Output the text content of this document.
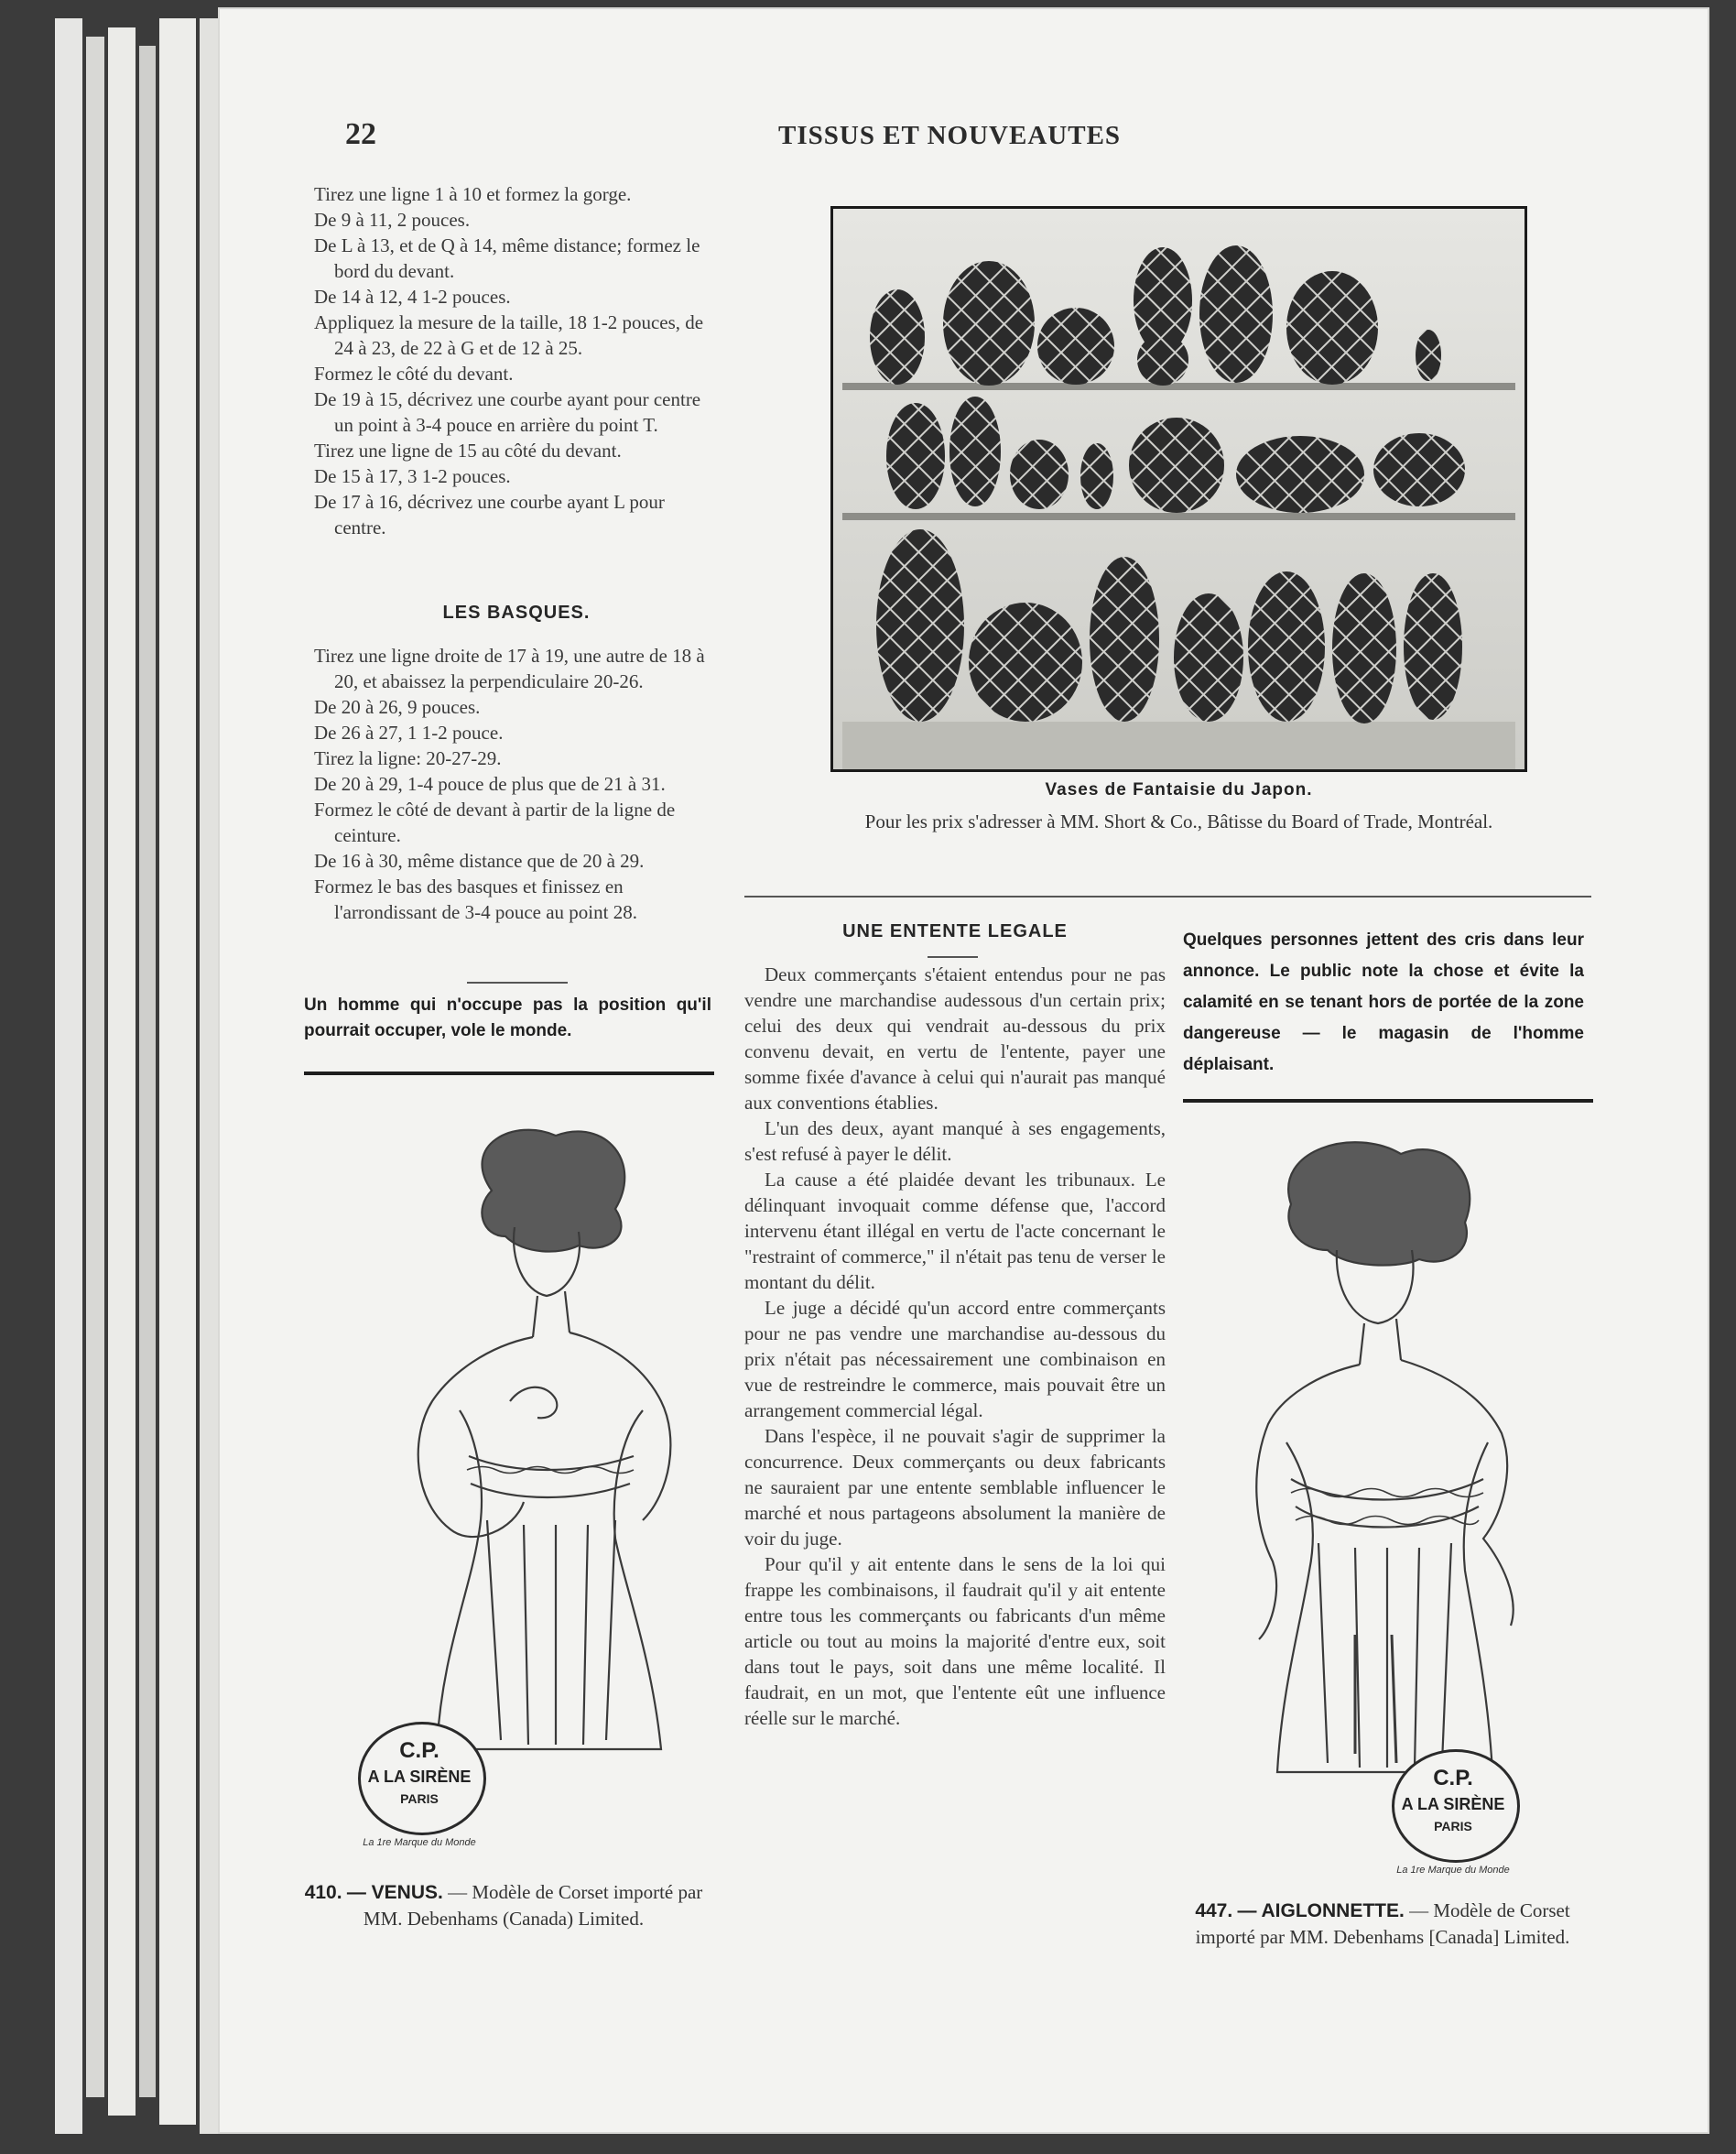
22	TISSUS ET NOUVEAUTES

Tirez une ligne 1 à 10 et formez la gorge.

De 9 à 11, 2 pouces.

De L à 13, et de Q à 14, même distance; formez le bord du devant.

De 14 à 12, 4 1-2 pouces.

Appliquez la mesure de la taille, 18 1-2 pouces, de 24 à 23, de 22 à G et de 12 à 25.

Formez le côté du devant.

De 19 à 15, décrivez une courbe ayant pour centre un point à 3-4 pouce en arrière du point T.

Tirez une ligne de 15 au côté du devant.

De 15 à 17, 3 1-2 pouces.

De 17 à 16, décrivez une courbe ayant L pour centre.

LES BASQUES.

Tirez une ligne droite de 17 à 19, une autre de 18 à 20, et abaissez la perpendiculaire 20-26.

De 20 à 26, 9 pouces.

De 26 à 27, 1 1-2 pouce.

Tirez la ligne: 20-27-29.

De 20 à 29, 1-4 pouce de plus que de 21 à 31.

Formez le côté de devant à partir de la ligne de ceinture.

De 16 à 30, même distance que de 20 à 29.

Formez le bas des basques et finissez en l'arrondissant de 3-4 pouce au point 28.

Un homme qui n'occupe pas la position qu'il pourrait occuper, vole le monde.
Vases de Fantaisie du Japon.
Pour les prix s'adresser à MM. Short & Co., Bâtisse du Board of Trade, Montréal.
UNE ENTENTE LEGALE

Deux commerçants s'étaient entendus pour ne pas vendre une marchandise audessous d'un certain prix; celui des deux qui vendrait au-dessous du prix convenu devait, en vertu de l'entente, payer une somme fixée d'avance à celui qui n'aurait pas manqué aux conventions établies.

L'un des deux, ayant manqué à ses engagements, s'est refusé à payer le délit.

La cause a été plaidée devant les tribunaux. Le délinquant invoquait comme défense que, l'accord intervenu étant illégal en vertu de l'acte concernant le "restraint of commerce," il n'était pas tenu de verser le montant du délit.

Le juge a décidé qu'un accord entre commerçants pour ne pas vendre une marchandise au-dessous du prix n'était pas nécessairement une combinaison en vue de restreindre le commerce, mais pouvait être un arrangement commercial légal.

Dans l'espèce, il ne pouvait s'agir de supprimer la concurrence. Deux commerçants ou deux fabricants ne sauraient par une entente semblable influencer le marché et nous partageons absolument la manière de voir du juge.

Pour qu'il y ait entente dans le sens de la loi qui frappe les combinaisons, il faudrait qu'il y ait entente entre tous les commerçants ou fabricants d'un même article ou tout au moins la majorité d'entre eux, soit dans tout le pays, soit dans une même localité. Il faudrait, en un mot, que l'entente eût une influence réelle sur le marché.

Quelques personnes jettent des cris dans leur annonce. Le public note la chose et évite la calamité en se tenant hors de portée de la zone dangereuse — le magasin de l'homme déplaisant.
C.P.
A LA SIRÈNE
PARIS
La 1re Marque du Monde
410. — VENUS. — Modèle de Corset importé par MM. Debenhams (Canada) Limited.
C.P.
A LA SIRÈNE
PARIS
La 1re Marque du Monde
447. — AIGLONNETTE. — Modèle de Corset importé par MM. Debenhams [Canada] Limited.
